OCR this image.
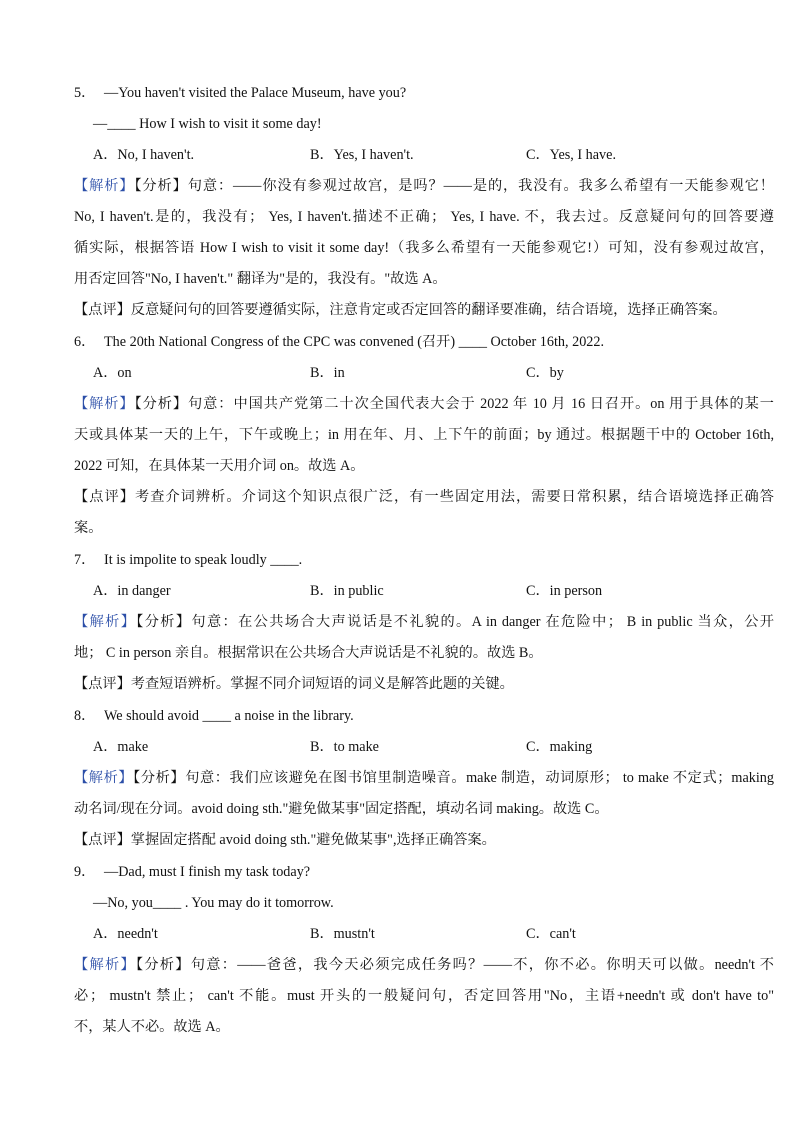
5． —You haven't visited the Palace Museum, have you?
—____ How I wish to visit it some day!
A．No, I haven't.	B．Yes, I haven't.	C．Yes, I have.
【解析】【分析】句意：——你没有参观过故宫，是吗？——是的，我没有。我多么希望有一天能参观它！
No, I haven't.是的，我没有； Yes, I haven't.描述不正确； Yes, I have. 不，我去过。反意疑问句的回答要遵
循实际，根据答语 How I wish to visit it some day!（我多么希望有一天能参观它!）可知，没有参观过故宫，
用否定回答"No, I haven't." 翻译为"是的，我没有。"故选 A。
【点评】反意疑问句的回答要遵循实际，注意肯定或否定回答的翻译要准确，结合语境，选择正确答案。
6． The 20th National Congress of the CPC was convened (召开) ____ October 16th, 2022.
A．on	B．in	C．by
【解析】【分析】句意：中国共产党第二十次全国代表大会于 2022 年 10 月 16 日召开。on 用于具体的某一
天或具体某一天的上午，下午或晚上；in 用在年、月、上下午的前面；by 通过。根据题干中的 October 16th,
2022 可知，在具体某一天用介词 on。故选 A。
【点评】考查介词辨析。介词这个知识点很广泛，有一些固定用法，需要日常积累，结合语境选择正确答
案。
7． It is impolite to speak loudly ____.
A．in danger	B．in public	C．in person
【解析】【分析】句意：在公共场合大声说话是不礼貌的。A in danger 在危险中； B in public 当众，公开
地； C in person 亲自。根据常识在公共场合大声说话是不礼貌的。故选 B。
【点评】考查短语辨析。掌握不同介词短语的词义是解答此题的关键。
8． We should avoid ____ a noise in the library.
A．make	B．to make	C．making
【解析】【分析】句意：我们应该避免在图书馆里制造噪音。make 制造，动词原形； to make 不定式；making
动名词/现在分词。avoid doing sth."避免做某事"固定搭配，填动名词 making。故选 C。
【点评】掌握固定搭配 avoid doing sth."避免做某事",选择正确答案。
9． —Dad, must I finish my task today?
—No, you____ . You may do it tomorrow.
A．needn't	B．mustn't	C．can't
【解析】【分析】句意：——爸爸，我今天必须完成任务吗？——不，你不必。你明天可以做。needn't 不
必； mustn't 禁止； can't 不能。must 开头的一般疑问句，否定回答用"No，主语+needn't 或 don't have to"
不，某人不必。故选 A。
